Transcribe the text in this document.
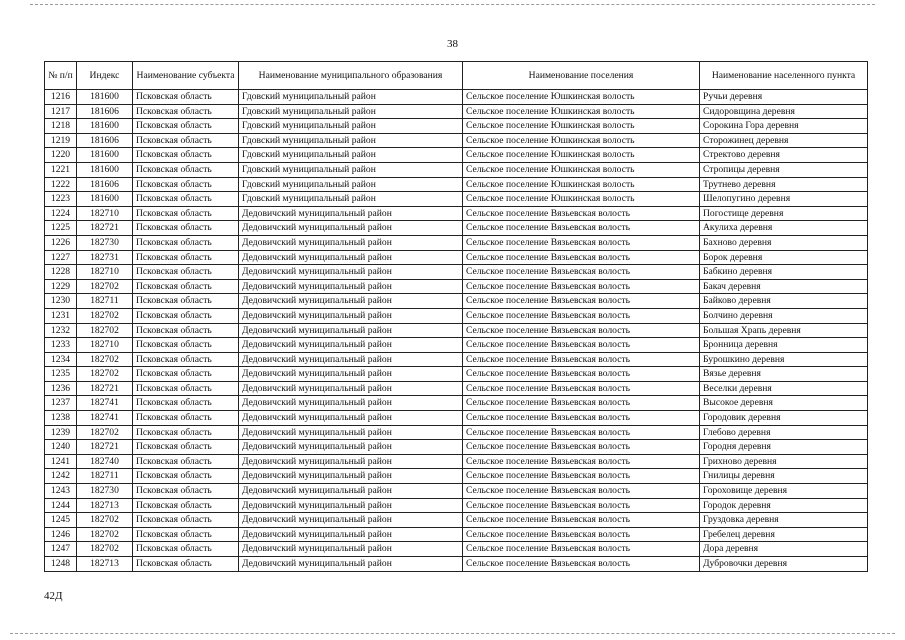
38
№ п/п	Индекс	Наименование субъекта	Наименование муниципального образования	Наименование поселения	Наименование населенного пункта
1216	181600	Псковская область	Гдовский муниципальный район	Сельское поселение Юшкинская волость	Ручьи деревня
1217	181606	Псковская область	Гдовский муниципальный район	Сельское поселение Юшкинская волость	Сидоровщина деревня
1218	181600	Псковская область	Гдовский муниципальный район	Сельское поселение Юшкинская волость	Сорокина Гора деревня
1219	181606	Псковская область	Гдовский муниципальный район	Сельское поселение Юшкинская волость	Сторожинец деревня
1220	181600	Псковская область	Гдовский муниципальный район	Сельское поселение Юшкинская волость	Стректово деревня
1221	181600	Псковская область	Гдовский муниципальный район	Сельское поселение Юшкинская волость	Стропицы деревня
1222	181606	Псковская область	Гдовский муниципальный район	Сельское поселение Юшкинская волость	Трутнево деревня
1223	181600	Псковская область	Гдовский муниципальный район	Сельское поселение Юшкинская волость	Шелопугино деревня
1224	182710	Псковская область	Дедовичский муниципальный район	Сельское поселение Вязьевская волость	Погостище деревня
1225	182721	Псковская область	Дедовичский муниципальный район	Сельское поселение Вязьевская волость	Акулиха деревня
1226	182730	Псковская область	Дедовичский муниципальный район	Сельское поселение Вязьевская волость	Бахново деревня
1227	182731	Псковская область	Дедовичский муниципальный район	Сельское поселение Вязьевская волость	Борок деревня
1228	182710	Псковская область	Дедовичский муниципальный район	Сельское поселение Вязьевская волость	Бабкино деревня
1229	182702	Псковская область	Дедовичский муниципальный район	Сельское поселение Вязьевская волость	Бакач деревня
1230	182711	Псковская область	Дедовичский муниципальный район	Сельское поселение Вязьевская волость	Байково деревня
1231	182702	Псковская область	Дедовичский муниципальный район	Сельское поселение Вязьевская волость	Болчино деревня
1232	182702	Псковская область	Дедовичский муниципальный район	Сельское поселение Вязьевская волость	Большая Храпь деревня
1233	182710	Псковская область	Дедовичский муниципальный район	Сельское поселение Вязьевская волость	Бронница деревня
1234	182702	Псковская область	Дедовичский муниципальный район	Сельское поселение Вязьевская волость	Бурошкино деревня
1235	182702	Псковская область	Дедовичский муниципальный район	Сельское поселение Вязьевская волость	Вязье деревня
1236	182721	Псковская область	Дедовичский муниципальный район	Сельское поселение Вязьевская волость	Веселки деревня
1237	182741	Псковская область	Дедовичский муниципальный район	Сельское поселение Вязьевская волость	Высокое деревня
1238	182741	Псковская область	Дедовичский муниципальный район	Сельское поселение Вязьевская волость	Городовик деревня
1239	182702	Псковская область	Дедовичский муниципальный район	Сельское поселение Вязьевская волость	Глебово деревня
1240	182721	Псковская область	Дедовичский муниципальный район	Сельское поселение Вязьевская волость	Городня деревня
1241	182740	Псковская область	Дедовичский муниципальный район	Сельское поселение Вязьевская волость	Грихново деревня
1242	182711	Псковская область	Дедовичский муниципальный район	Сельское поселение Вязьевская волость	Гнилицы деревня
1243	182730	Псковская область	Дедовичский муниципальный район	Сельское поселение Вязьевская волость	Гороховище деревня
1244	182713	Псковская область	Дедовичский муниципальный район	Сельское поселение Вязьевская волость	Городок деревня
1245	182702	Псковская область	Дедовичский муниципальный район	Сельское поселение Вязьевская волость	Груздовка деревня
1246	182702	Псковская область	Дедовичский муниципальный район	Сельское поселение Вязьевская волость	Гребелец деревня
1247	182702	Псковская область	Дедовичский муниципальный район	Сельское поселение Вязьевская волость	Дора деревня
1248	182713	Псковская область	Дедовичский муниципальный район	Сельское поселение Вязьевская волость	Дубровочки деревня
42Д
